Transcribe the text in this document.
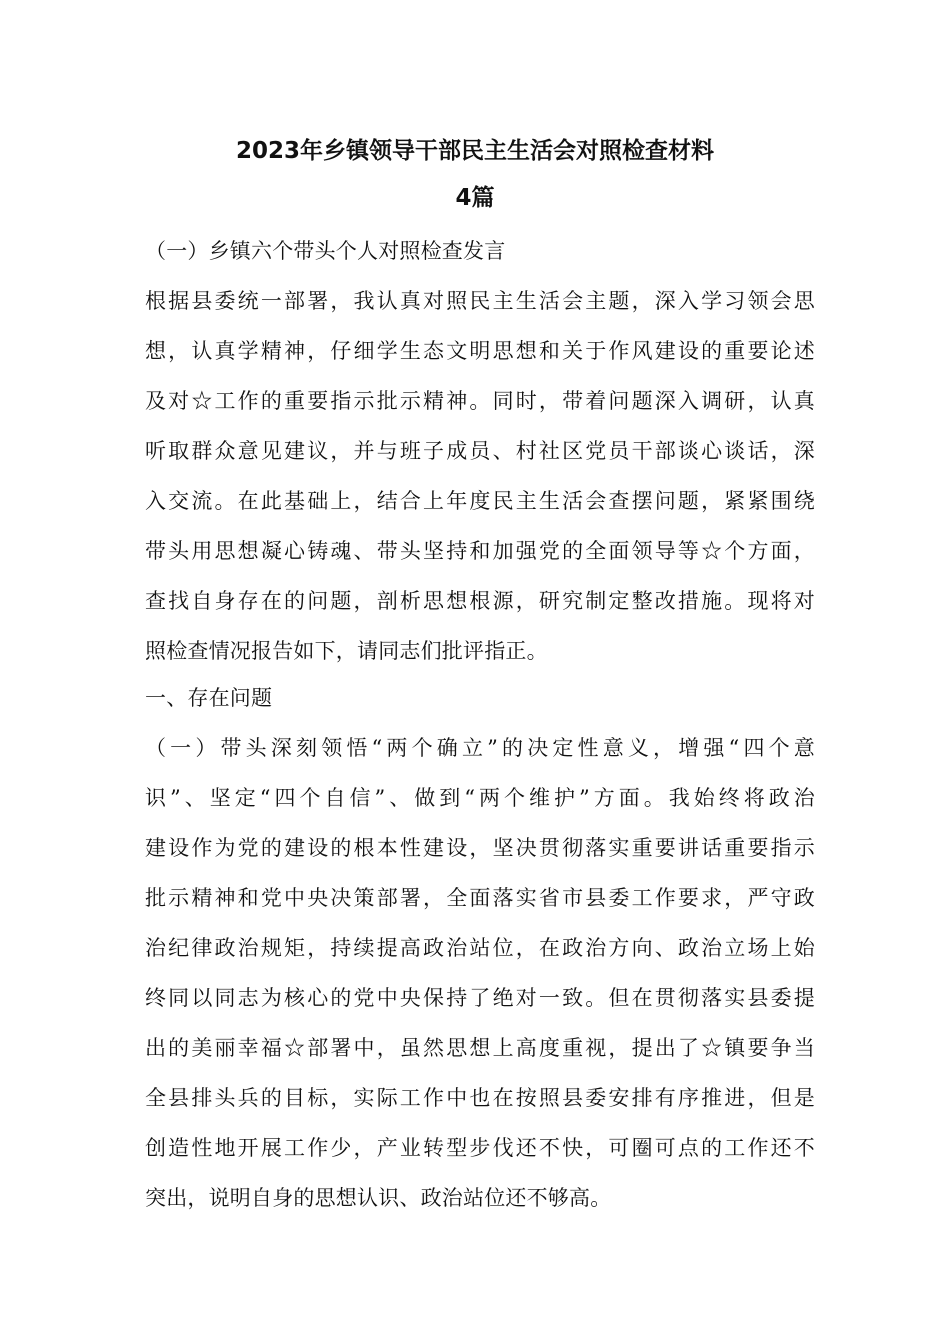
2023年乡镇领导干部民主生活会对照检查材料
4篇
（一）乡镇六个带头个人对照检查发言
根据县委统一部署，我认真对照民主生活会主题，深入学习领会思
想，认真学精神，仔细学生态文明思想和关于作风建设的重要论述
及对☆工作的重要指示批示精神。同时，带着问题深入调研，认真
听取群众意见建议，并与班子成员、村社区党员干部谈心谈话，深
入交流。在此基础上，结合上年度民主生活会查摆问题，紧紧围绕
带头用思想凝心铸魂、带头坚持和加强党的全面领导等☆个方面，
查找自身存在的问题，剖析思想根源，研究制定整改措施。现将对
照检查情况报告如下，请同志们批评指正。
一、存在问题
（一）带头深刻领悟“两个确立”的决定性意义，增强“四个意
识”、坚定“四个自信”、做到“两个维护”方面。我始终将政治
建设作为党的建设的根本性建设，坚决贯彻落实重要讲话重要指示
批示精神和党中央决策部署，全面落实省市县委工作要求，严守政
治纪律政治规矩，持续提高政治站位，在政治方向、政治立场上始
终同以同志为核心的党中央保持了绝对一致。但在贯彻落实县委提
出的美丽幸福☆部署中，虽然思想上高度重视，提出了☆镇要争当
全县排头兵的目标，实际工作中也在按照县委安排有序推进，但是
创造性地开展工作少，产业转型步伐还不快，可圈可点的工作还不
突出，说明自身的思想认识、政治站位还不够高。
